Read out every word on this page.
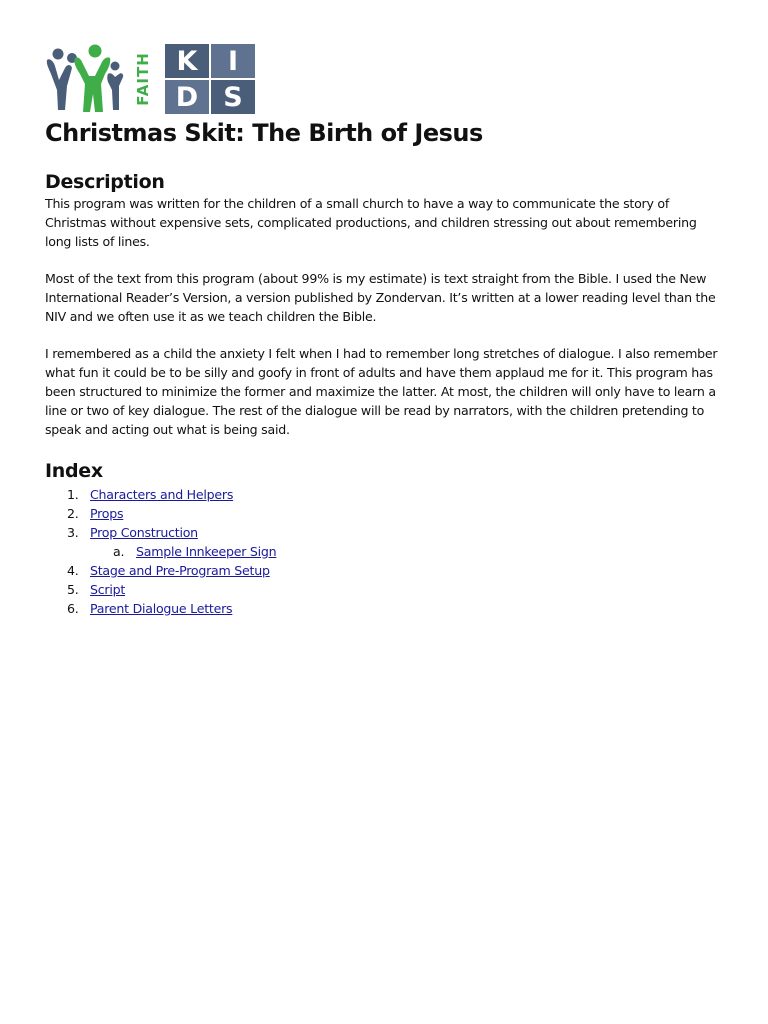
FAITH K	I
D S
Christmas Skit: The Birth of Jesus
Description

This program was written for the children of a small church to have a way to communicate the story of Christmas without expensive sets, complicated productions, and children stressing out about remembering long lists of lines.

Most of the text from this program (about 99% is my estimate) is text straight from the Bible. I used the New International Reader’s Version, a version published by Zondervan. It’s written at a lower reading level than the NIV and we often use it as we teach children the Bible.

I remembered as a child the anxiety I felt when I had to remember long stretches of dialogue. I also remember what fun it could be to be silly and goofy in front of adults and have them applaud me for it. This program has been structured to minimize the former and maximize the latter. At most, the children will only have to learn a line or two of key dialogue. The rest of the dialogue will be read by narrators, with the children pretending to speak and acting out what is being said.

Index
1. Characters and Helpers
2. Props
3. Prop Construction
a. Sample Innkeeper Sign
4. Stage and Pre-Program Setup
5. Script
6. Parent Dialogue Letters
